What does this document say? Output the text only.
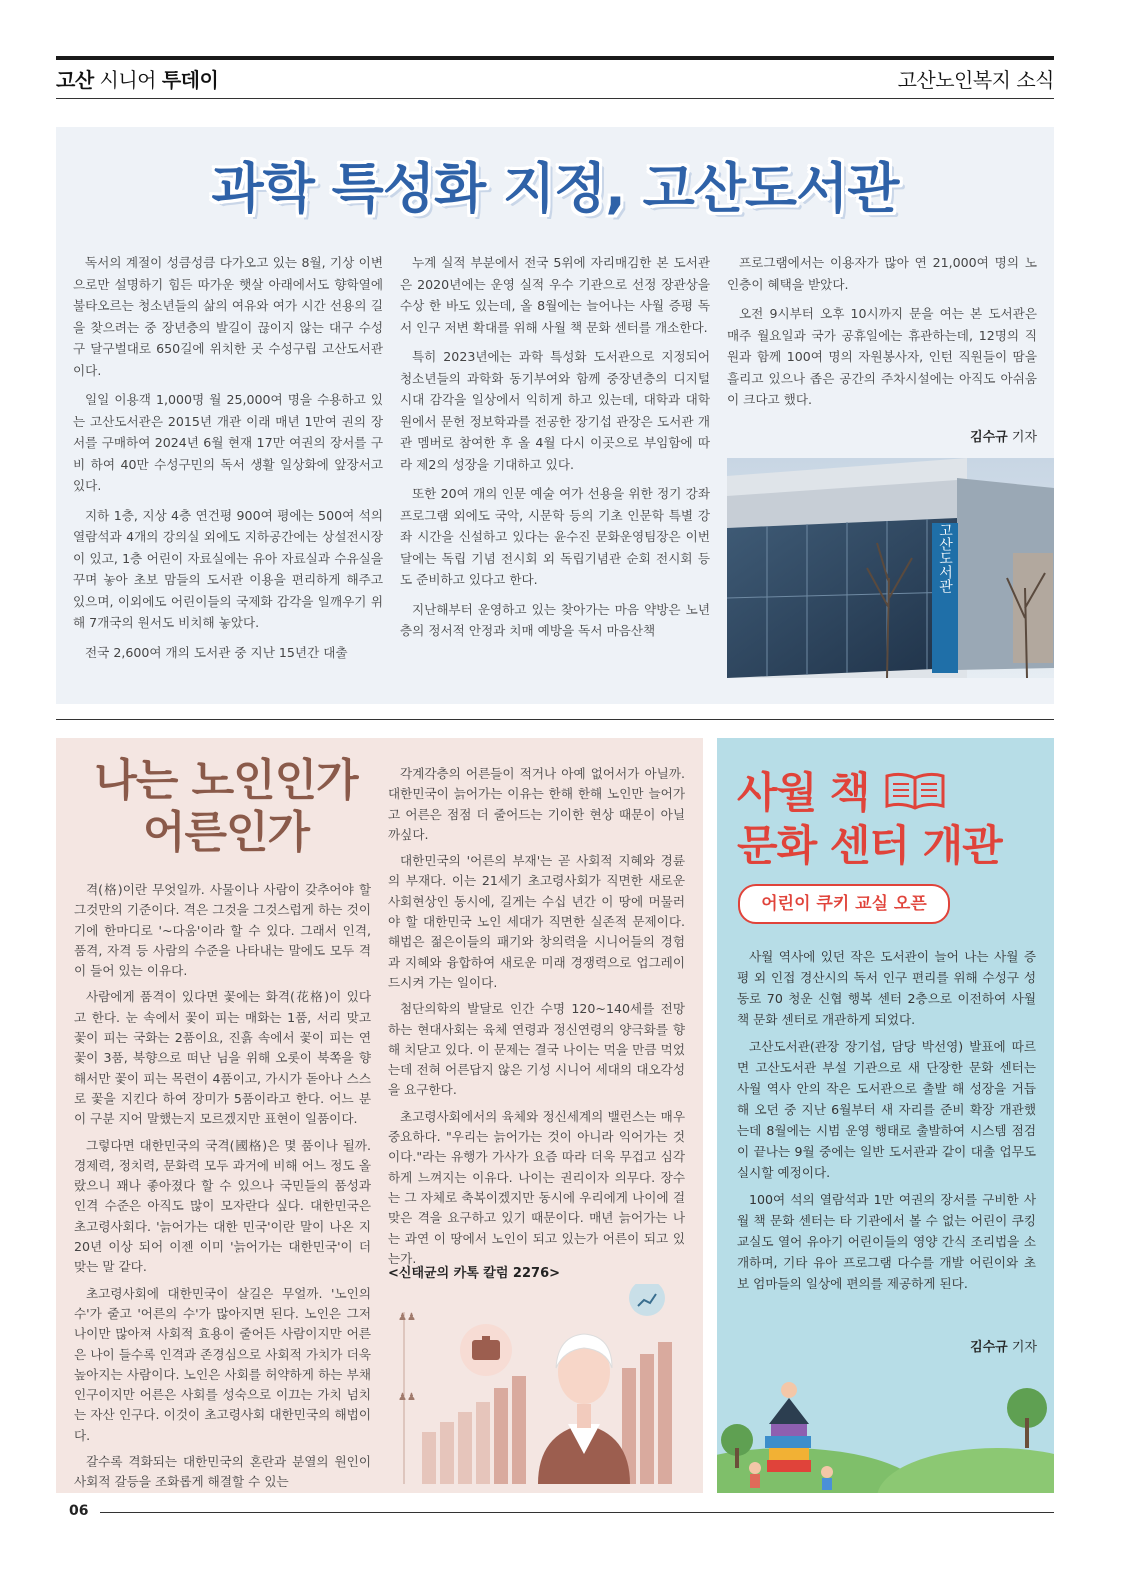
고산 시니어 투데이	고산노인복지 소식
과학 특성화 지정, 고산도서관

독서의 계절이 성큼성큼 다가오고 있는 8월, 기상 이변으로만 설명하기 힘든 따가운 햇살 아래에서도 향학열에 불타오르는 청소년들의 삶의 여유와 여가 시간 선용의 길을 찾으려는 중 장년층의 발길이 끊이지 않는 대구 수성구 달구벌대로 650길에 위치한 곳 수성구립 고산도서관이다.

일일 이용객 1,000명 월 25,000여 명을 수용하고 있는 고산도서관은 2015년 개관 이래 매년 1만여 권의 장서를 구매하여 2024년 6월 현재 17만 여권의 장서를 구비 하여 40만 수성구민의 독서 생활 일상화에 앞장서고 있다.

지하 1층, 지상 4층 연건평 900여 평에는 500여 석의 열람석과 4개의 강의실 외에도 지하공간에는 상설전시장이 있고, 1층 어린이 자료실에는 유아 자료실과 수유실을 꾸며 놓아 초보 맘들의 도서관 이용을 편리하게 해주고 있으며, 이외에도 어린이들의 국제화 감각을 일깨우기 위해 7개국의 원서도 비치해 놓았다.

전국 2,600여 개의 도서관 중 지난 15년간 대출

누계 실적 부분에서 전국 5위에 자리매김한 본 도서관은 2020년에는 운영 실적 우수 기관으로 선정 장관상을 수상 한 바도 있는데, 올 8월에는 늘어나는 사월 증평 독서 인구 저변 확대를 위해 사월 책 문화 센터를 개소한다.

특히 2023년에는 과학 특성화 도서관으로 지정되어 청소년들의 과학화 동기부여와 함께 중장년층의 디지털 시대 감각을 일상에서 익히게 하고 있는데, 대학과 대학원에서 문헌 정보학과를 전공한 장기섭 관장은 도서관 개관 멤버로 참여한 후 올 4월 다시 이곳으로 부임함에 따라 제2의 성장을 기대하고 있다.

또한 20여 개의 인문 예술 여가 선용을 위한 정기 강좌 프로그램 외에도 국악, 시문학 등의 기초 인문학 특별 강좌 시간을 신설하고 있다는 윤수진 문화운영팀장은 이번 달에는 독립 기념 전시회 외 독립기념관 순회 전시회 등도 준비하고 있다고 한다.

지난해부터 운영하고 있는 찾아가는 마음 약방은 노년층의 정서적 안정과 치매 예방을 독서 마음산책

프로그램에서는 이용자가 많아 연 21,000여 명의 노인층이 혜택을 받았다.

오전 9시부터 오후 10시까지 문을 여는 본 도서관은 매주 월요일과 국가 공휴일에는 휴관하는데, 12명의 직원과 함께 100여 명의 자원봉사자, 인턴 직원들이 땀을 흘리고 있으나 좁은 공간의 주차시설에는 아직도 아쉬움이 크다고 했다.

김수규 기자
고산도서관
나는 노인인가
어른인가

격(格)이란 무엇일까. 사물이나 사람이 갖추어야 할 그것만의 기준이다. 격은 그것을 그것스럽게 하는 것이기에 한마디로 '~다움'이라 할 수 있다. 그래서 인격, 품격, 자격 등 사람의 수준을 나타내는 말에도 모두 격이 들어 있는 이유다.

사람에게 품격이 있다면 꽃에는 화격(花格)이 있다고 한다. 눈 속에서 꽃이 피는 매화는 1품, 서리 맞고 꽃이 피는 국화는 2품이요, 진흙 속에서 꽃이 피는 연꽃이 3품, 북향으로 떠난 님을 위해 오롯이 북쪽을 향해서만 꽃이 피는 목련이 4품이고, 가시가 돋아나 스스로 꽃을 지킨다 하여 장미가 5품이라고 한다. 어느 분이 구분 지어 말했는지 모르겠지만 표현이 일품이다.

그렇다면 대한민국의 국격(國格)은 몇 품이나 될까. 경제력, 정치력, 문화력 모두 과거에 비해 어느 정도 올랐으니 꽤나 좋아졌다 할 수 있으나 국민들의 품성과 인격 수준은 아직도 많이 모자란다 싶다. 대한민국은 초고령사회다. '늙어가는 대한 민국'이란 말이 나온 지 20년 이상 되어 이젠 이미 '늙어가는 대한민국'이 더 맞는 말 같다.

초고령사회에 대한민국이 살길은 무얼까. '노인의 수'가 줄고 '어른의 수'가 많아지면 된다. 노인은 그저 나이만 많아져 사회적 효용이 줄어든 사람이지만 어른은 나이 들수록 인격과 존경심으로 사회적 가치가 더욱 높아지는 사람이다. 노인은 사회를 허약하게 하는 부채 인구이지만 어른은 사회를 성숙으로 이끄는 가치 넘치는 자산 인구다. 이것이 초고령사회 대한민국의 해법이다.

갈수록 격화되는 대한민국의 혼란과 분열의 원인이 사회적 갈등을 조화롭게 해결할 수 있는

각계각층의 어른들이 적거나 아예 없어서가 아닐까. 대한민국이 늙어가는 이유는 한해 한해 노인만 늘어가고 어른은 점점 더 줄어드는 기이한 현상 때문이 아닐까싶다.

대한민국의 '어른의 부재'는 곧 사회적 지혜와 경륜의 부재다. 이는 21세기 초고령사회가 직면한 새로운 사회현상인 동시에, 길게는 수십 년간 이 땅에 머물러야 할 대한민국 노인 세대가 직면한 실존적 문제이다. 해법은 젊은이들의 패기와 창의력을 시니어들의 경험과 지혜와 융합하여 새로운 미래 경쟁력으로 업그레이드시켜 가는 일이다.

첨단의학의 발달로 인간 수명 120~140세를 전망하는 현대사회는 육체 연령과 정신연령의 양극화를 향해 치닫고 있다. 이 문제는 결국 나이는 먹을 만큼 먹었는데 전혀 어른답지 않은 기성 시니어 세대의 대오각성을 요구한다.

초고령사회에서의 육체와 정신세계의 밸런스는 매우 중요하다. "우리는 늙어가는 것이 아니라 익어가는 것이다."라는 유행가 가사가 요즘 따라 더욱 무겁고 심각하게 느껴지는 이유다. 나이는 권리이자 의무다. 장수는 그 자체로 축복이겠지만 동시에 우리에게 나이에 걸맞은 격을 요구하고 있기 때문이다. 매년 늙어가는 나는 과연 이 땅에서 노인이 되고 있는가 어른이 되고 있는가.

<신태균의 카톡 칼럼 2276>
♟♟
♟♟
사월 책
문화 센터 개관
어린이 쿠키 교실 오픈

사월 역사에 있던 작은 도서관이 늘어 나는 사월 증평 외 인접 경산시의 독서 인구 편리를 위해 수성구 성동로 70 청운 신협 행복 센터 2층으로 이전하여 사월 책 문화 센터로 개관하게 되었다.

고산도서관(관장 장기섭, 담당 박선영) 발표에 따르면 고산도서관 부설 기관으로 새 단장한 문화 센터는 사월 역사 안의 작은 도서관으로 출발 해 성장을 거듭 해 오던 중 지난 6월부터 새 자리를 준비 확장 개관했는데 8월에는 시범 운영 행태로 출발하여 시스템 점검이 끝나는 9월 중에는 일반 도서관과 같이 대출 업무도 실시할 예정이다.

100여 석의 열람석과 1만 여권의 장서를 구비한 사월 책 문화 센터는 타 기관에서 볼 수 없는 어린이 쿠킹 교실도 열어 유아기 어린이들의 영양 간식 조리법을 소개하며, 기타 유아 프로그램 다수를 개발 어린이와 초보 엄마들의 일상에 편의를 제공하게 된다.

김수규 기자
06
